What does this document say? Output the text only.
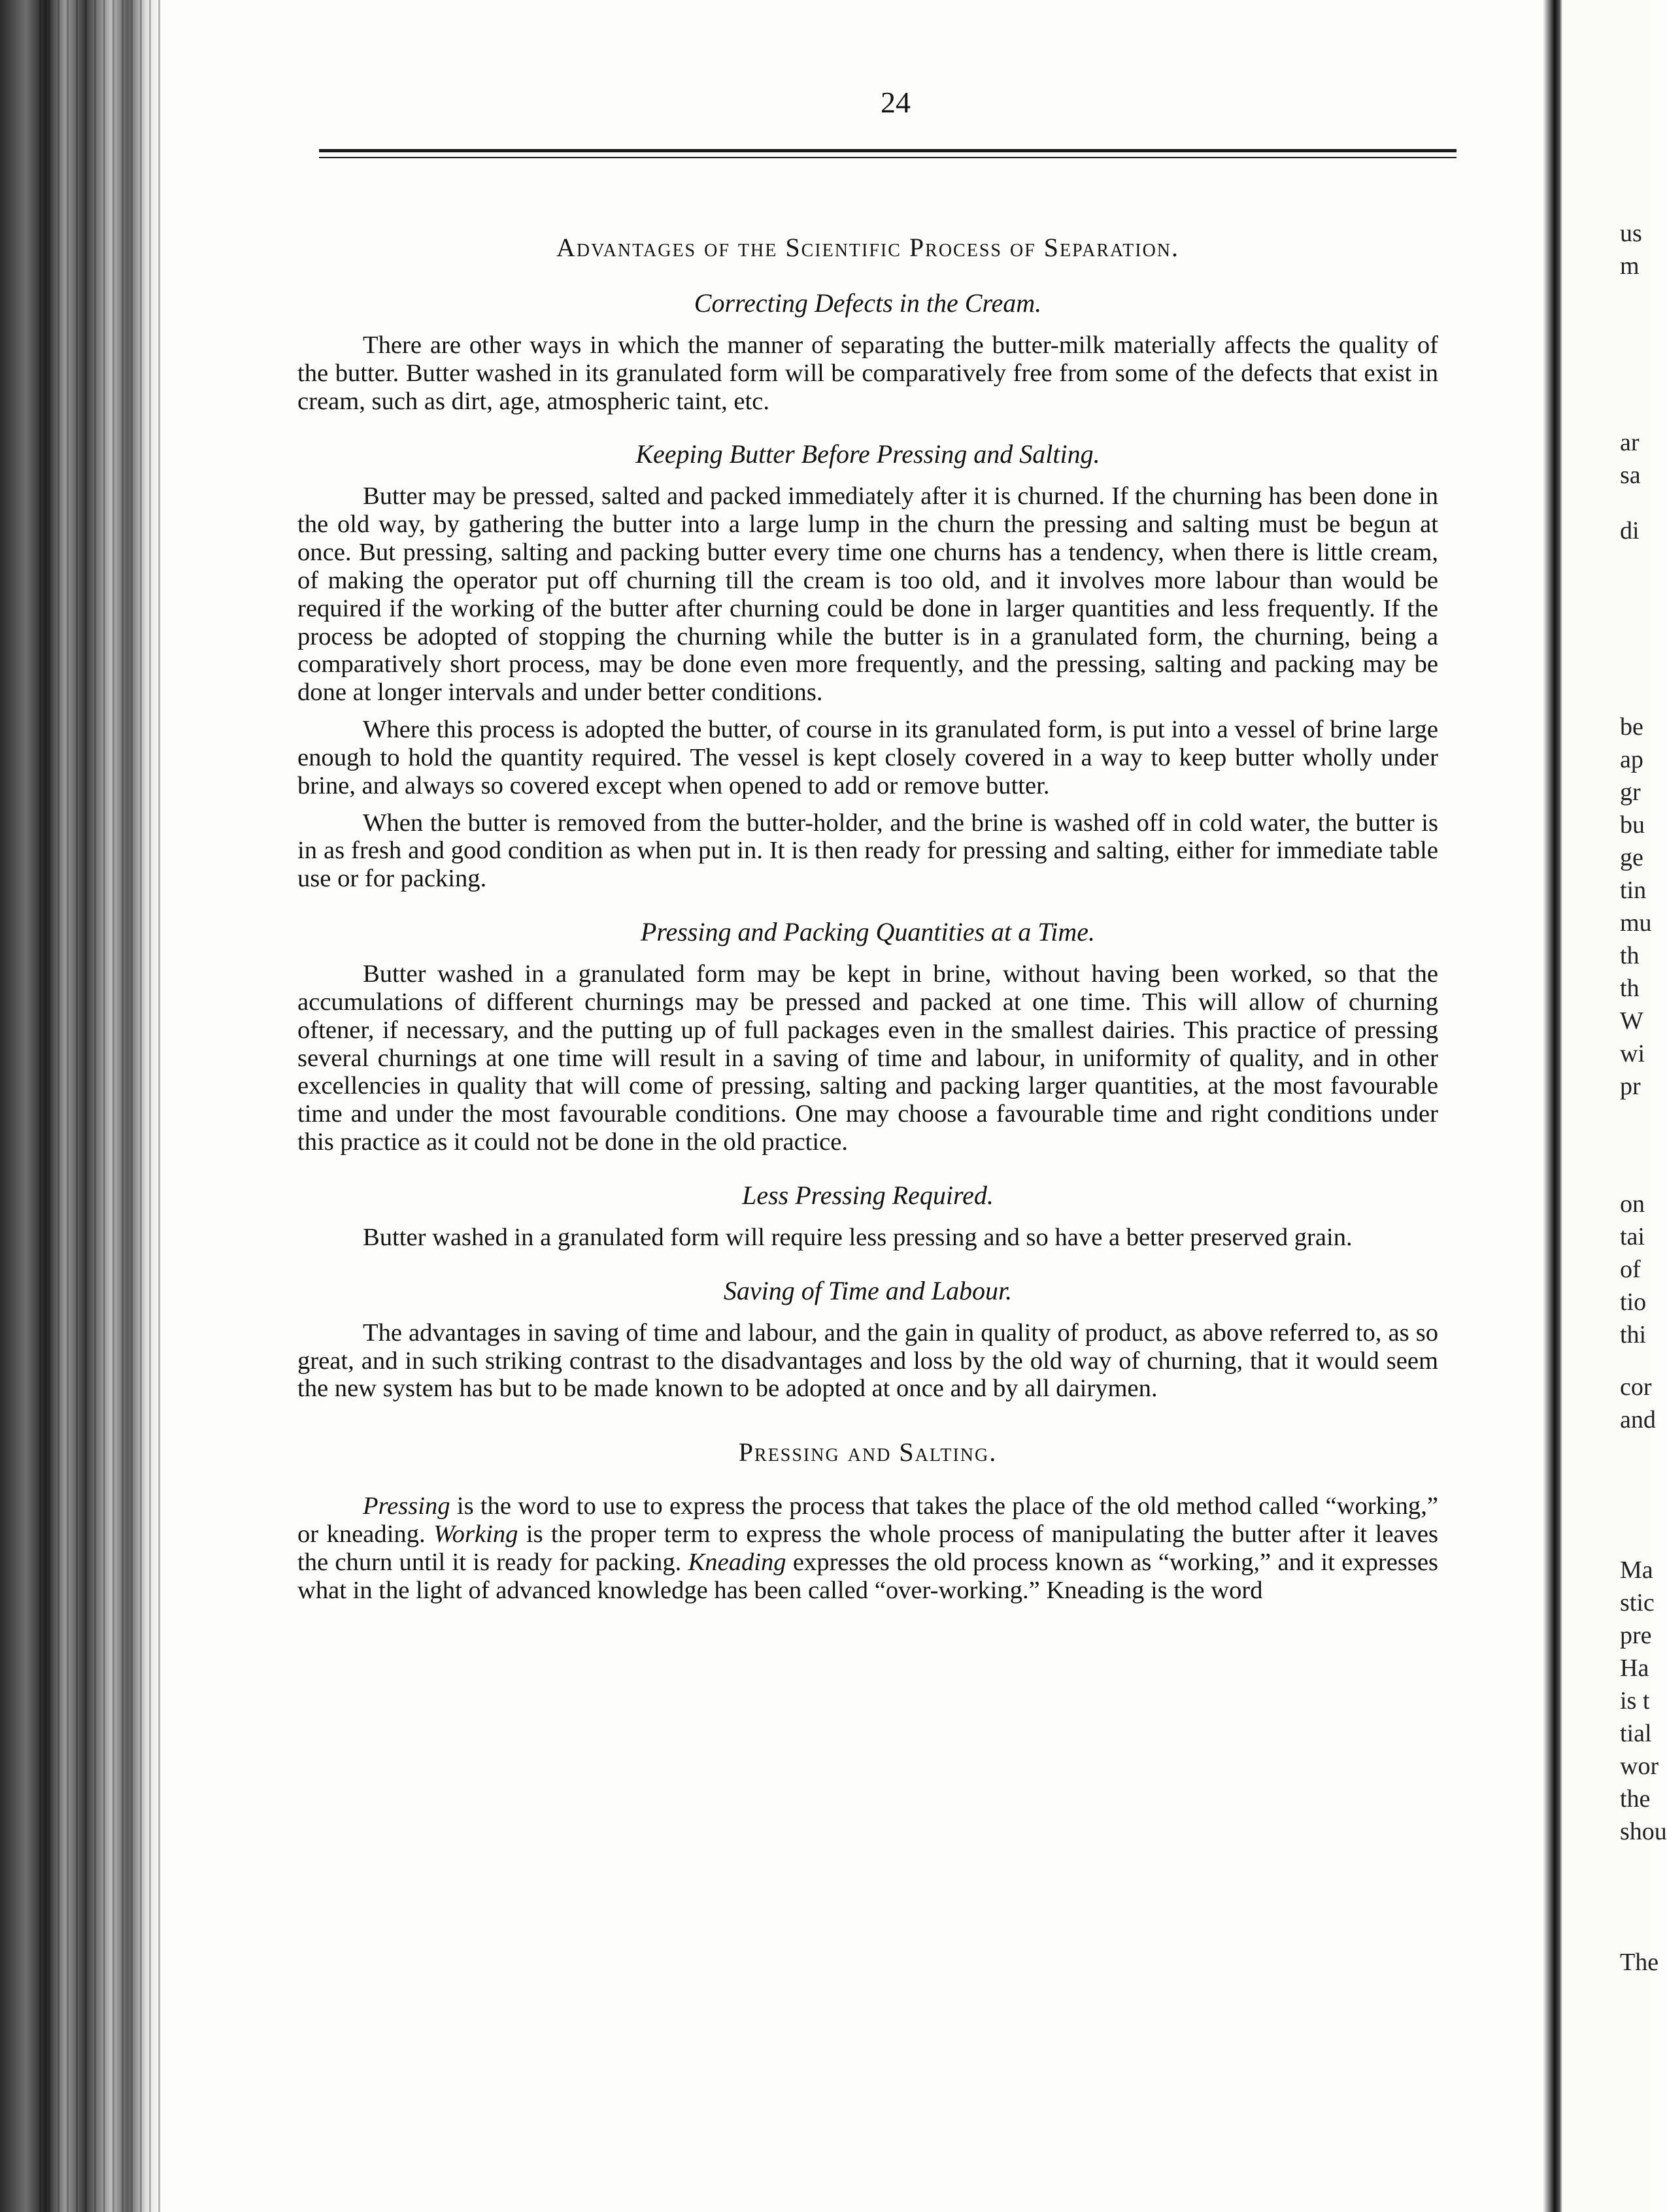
us
m
ar
sa
di
be
ap
gr
bu
ge
tin
mu
th
th
W
wi
pr
on
tai
of
tio
thi
cor
and
Ma
stic
pre
Ha
is t
tial
wor
the
shou
The
24
Advantages of the Scientific Process of Separation.
Correcting Defects in the Cream.

There are other ways in which the manner of separating the butter-milk materially affects the quality of the butter. Butter washed in its granulated form will be comparatively free from some of the defects that exist in cream, such as dirt, age, atmospheric taint, etc.

Keeping Butter Before Pressing and Salting.

Butter may be pressed, salted and packed immediately after it is churned. If the churning has been done in the old way, by gathering the butter into a large lump in the churn the pressing and salting must be begun at once. But pressing, salting and packing butter every time one churns has a tendency, when there is little cream, of making the operator put off churning till the cream is too old, and it involves more labour than would be required if the working of the butter after churning could be done in larger quantities and less frequently. If the process be adopted of stopping the churning while the butter is in a granulated form, the churning, being a comparatively short process, may be done even more frequently, and the pressing, salting and packing may be done at longer intervals and under better conditions.

Where this process is adopted the butter, of course in its granulated form, is put into a vessel of brine large enough to hold the quantity required. The vessel is kept closely covered in a way to keep butter wholly under brine, and always so covered except when opened to add or remove butter.

When the butter is removed from the butter-holder, and the brine is washed off in cold water, the butter is in as fresh and good condition as when put in. It is then ready for pressing and salting, either for immediate table use or for packing.

Pressing and Packing Quantities at a Time.

Butter washed in a granulated form may be kept in brine, without having been worked, so that the accumulations of different churnings may be pressed and packed at one time. This will allow of churning oftener, if necessary, and the putting up of full packages even in the smallest dairies. This practice of pressing several churnings at one time will result in a saving of time and labour, in uniformity of quality, and in other excellencies in quality that will come of pressing, salting and packing larger quantities, at the most favourable time and under the most favourable conditions. One may choose a favourable time and right conditions under this practice as it could not be done in the old practice.

Less Pressing Required.

Butter washed in a granulated form will require less pressing and so have a better preserved grain.

Saving of Time and Labour.

The advantages in saving of time and labour, and the gain in quality of product, as above referred to, as so great, and in such striking contrast to the disadvantages and loss by the old way of churning, that it would seem the new system has but to be made known to be adopted at once and by all dairymen.

Pressing and Salting.

Pressing is the word to use to express the process that takes the place of the old method called “working,” or kneading. Working is the proper term to express the whole process of manipulating the butter after it leaves the churn until it is ready for packing. Kneading expresses the old process known as “working,” and it expresses what in the light of advanced knowledge has been called “over-working.” Kneading is the word
